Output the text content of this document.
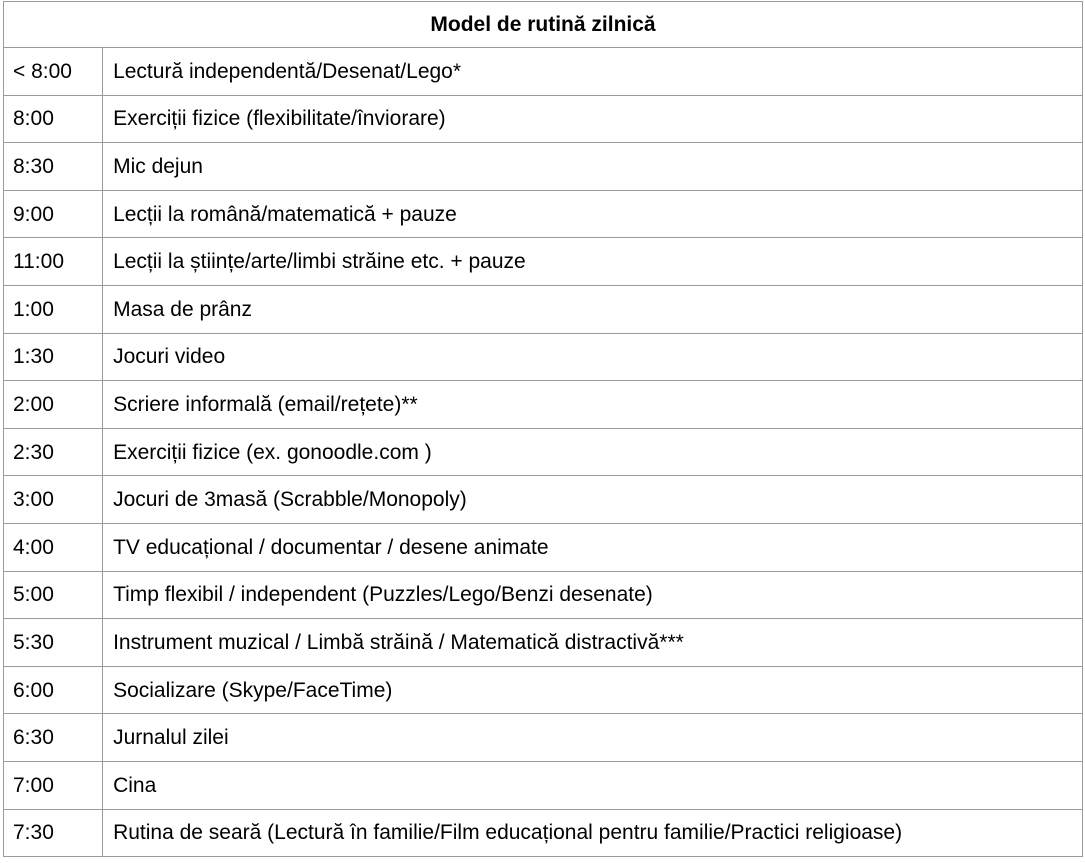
Model de rutină zilnică	
< 8:00	Lectură independentă/Desenat/Lego*
8:00	Exerciții fizice (flexibilitate/înviorare)
8:30	Mic dejun
9:00	Lecții la română/matematică + pauze
11:00	Lecții la științe/arte/limbi străine etc. + pauze
1:00	Masa de prânz
1:30	Jocuri video
2:00	Scriere informală (email/rețete)**
2:30	Exerciții fizice (ex. gonoodle.com )
3:00	Jocuri de 3masă (Scrabble/Monopoly)
4:00	TV educațional / documentar / desene animate
5:00	Timp flexibil / independent (Puzzles/Lego/Benzi desenate)
5:30	Instrument muzical / Limbă străină / Matematică distractivă***
6:00	Socializare (Skype/FaceTime)
6:30	Jurnalul zilei
7:00	Cina
7:30	Rutina de seară (Lectură în familie/Film educațional pentru familie/Practici religioase)
